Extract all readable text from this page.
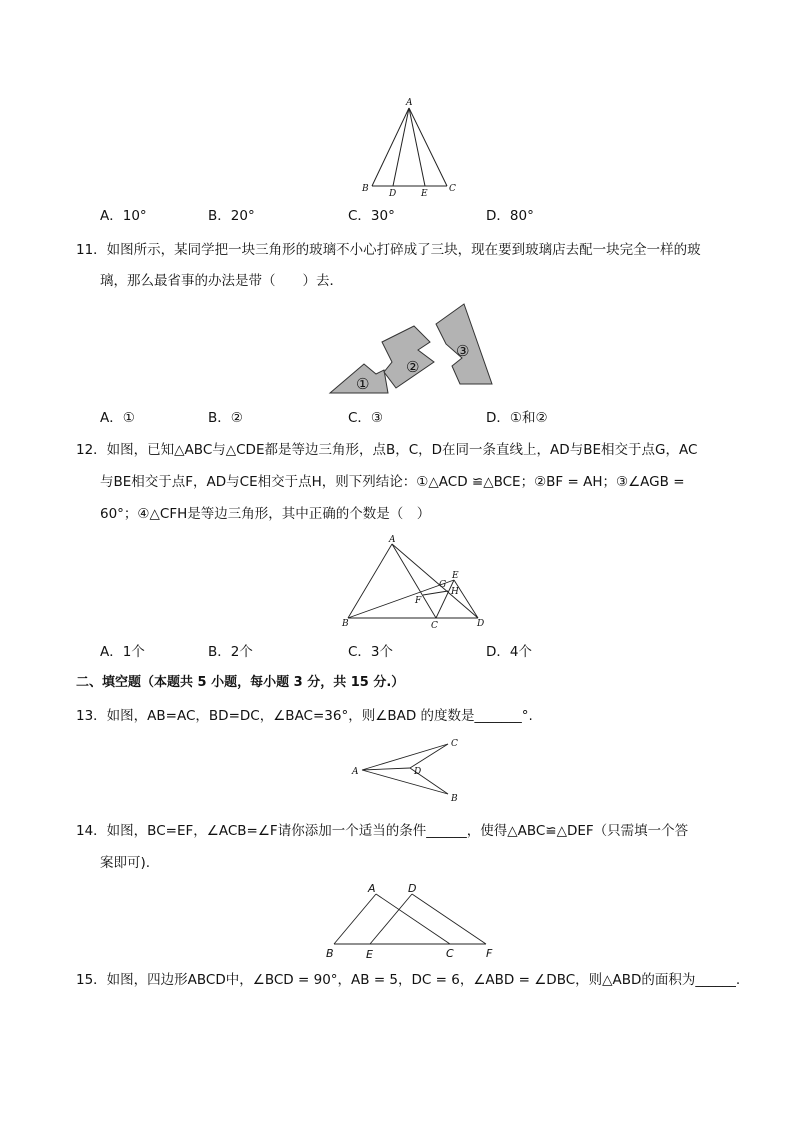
A
B D	E C
A．10°	B．20°	C．30°	D．80°
11．如图所示，某同学把一块三角形的玻璃不小心打碎成了三块，现在要到玻璃店去配一块完全一样的玻
璃，那么最省事的办法是带（　　）去．
①
②
③
A．①	B．②	C．③	D．①和②
12．如图，已知△ABC与△CDE都是等边三角形，点B，C，D在同一条直线上，AD与BE相交于点G，AC
与BE相交于点F，AD与CE相交于点H，则下列结论：①△ACD ≌△BCE；②BF = AH；③∠AGB =
60°；④△CFH是等边三角形，其中正确的个数是（　）
A
B	C	D
E
F
G
H
A．1个	B．2个	C．3个	D．4个
二、填空题（本题共 5 小题，每小题 3 分，共 15 分.）
13．如图，AB=AC，BD=DC，∠BAC=36°，则∠BAD 的度数是_______°.
A
C
D
B
14．如图，BC=EF，∠ACB=∠F请你添加一个适当的条件______，使得△ABC≌△DEF（只需填一个答
案即可).
A	D
B	E	C	F
15．如图，四边形ABCD中，∠BCD = 90°，AB = 5，DC = 6，∠ABD = ∠DBC，则△ABD的面积为______.
